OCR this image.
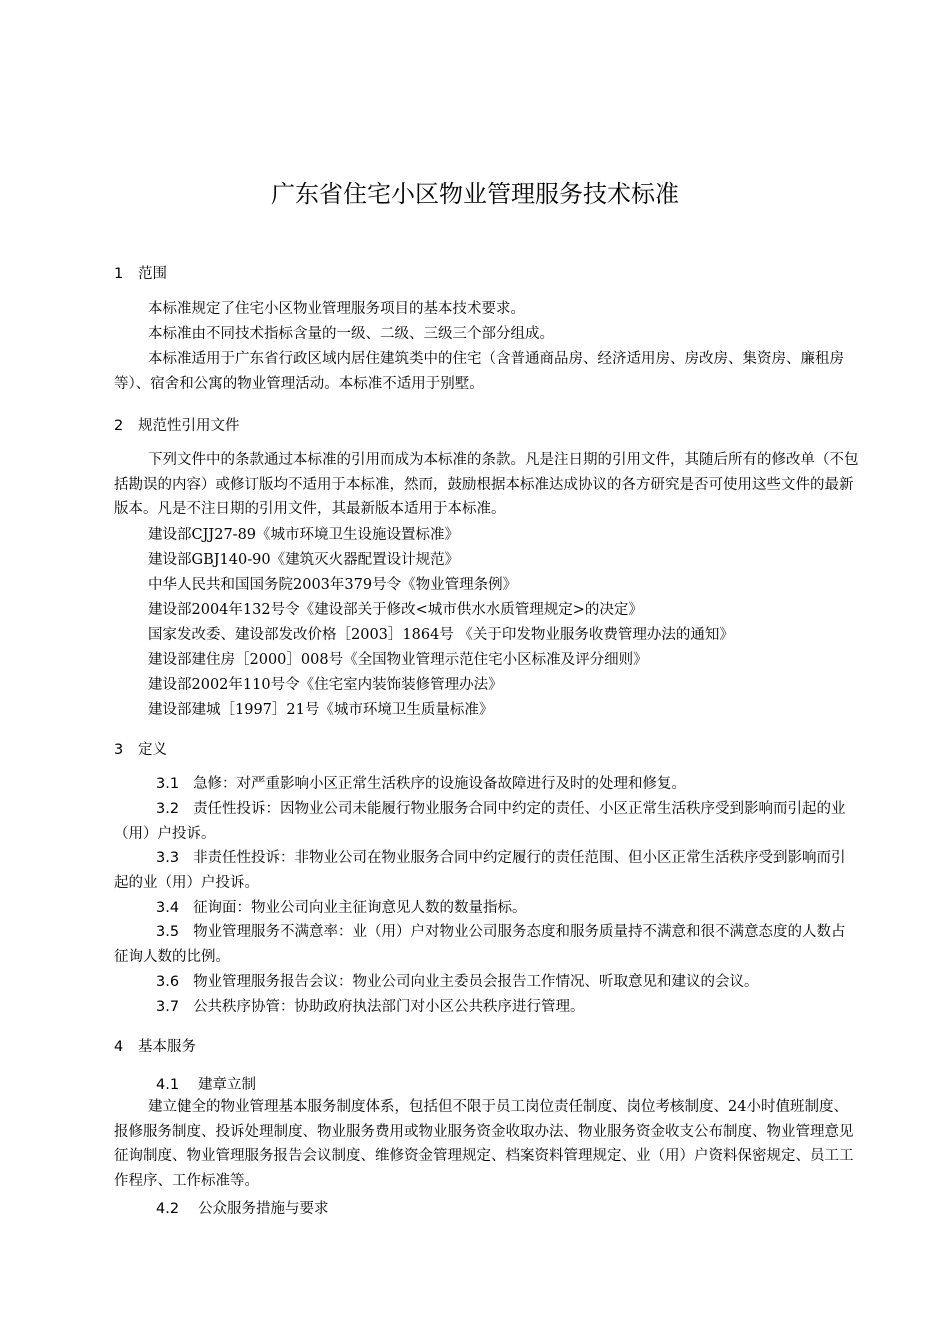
广东省住宅小区物业管理服务技术标准
1 范围
本标准规定了住宅小区物业管理服务项目的基本技术要求。
本标准由不同技术指标含量的一级、二级、三级三个部分组成。
本标准适用于广东省行政区域内居住建筑类中的住宅（含普通商品房、经济适用房、房改房、集资房、廉租房等）、宿舍和公寓的物业管理活动。本标准不适用于别墅。
2 规范性引用文件
下列文件中的条款通过本标准的引用而成为本标准的条款。凡是注日期的引用文件，其随后所有的修改单（不包括勘误的内容）或修订版均不适用于本标准，然而，鼓励根据本标准达成协议的各方研究是否可使用这些文件的最新版本。凡是不注日期的引用文件，其最新版本适用于本标准。
建设部CJJ27-89《城市环境卫生设施设置标准》
建设部GBJ140-90《建筑灭火器配置设计规范》
中华人民共和国国务院2003年379号令《物业管理条例》
建设部2004年132号令《建设部关于修改<城市供水水质管理规定>的决定》
国家发改委、建设部发改价格［2003］1864号 《关于印发物业服务收费管理办法的通知》
建设部建住房［2000］008号《全国物业管理示范住宅小区标准及评分细则》
建设部2002年110号令《住宅室内装饰装修管理办法》
建设部建城［1997］21号《城市环境卫生质量标准》
3 定义
3.1 急修：对严重影响小区正常生活秩序的设施设备故障进行及时的处理和修复。
3.2 责任性投诉：因物业公司未能履行物业服务合同中约定的责任、小区正常生活秩序受到影响而引起的业（用）户投诉。
3.3 非责任性投诉：非物业公司在物业服务合同中约定履行的责任范围、但小区正常生活秩序受到影响而引起的业（用）户投诉。
3.4 征询面：物业公司向业主征询意见人数的数量指标。
3.5 物业管理服务不满意率：业（用）户对物业公司服务态度和服务质量持不满意和很不满意态度的人数占征询人数的比例。
3.6 物业管理服务报告会议：物业公司向业主委员会报告工作情况、听取意见和建议的会议。
3.7 公共秩序协管：协助政府执法部门对小区公共秩序进行管理。
4 基本服务
4.1 建章立制
建立健全的物业管理基本服务制度体系，包括但不限于员工岗位责任制度、岗位考核制度、24小时值班制度、报修服务制度、投诉处理制度、物业服务费用或物业服务资金收取办法、物业服务资金收支公布制度、物业管理意见征询制度、物业管理服务报告会议制度、维修资金管理规定、档案资料管理规定、业（用）户资料保密规定、员工工作程序、工作标准等。
4.2 公众服务措施与要求
